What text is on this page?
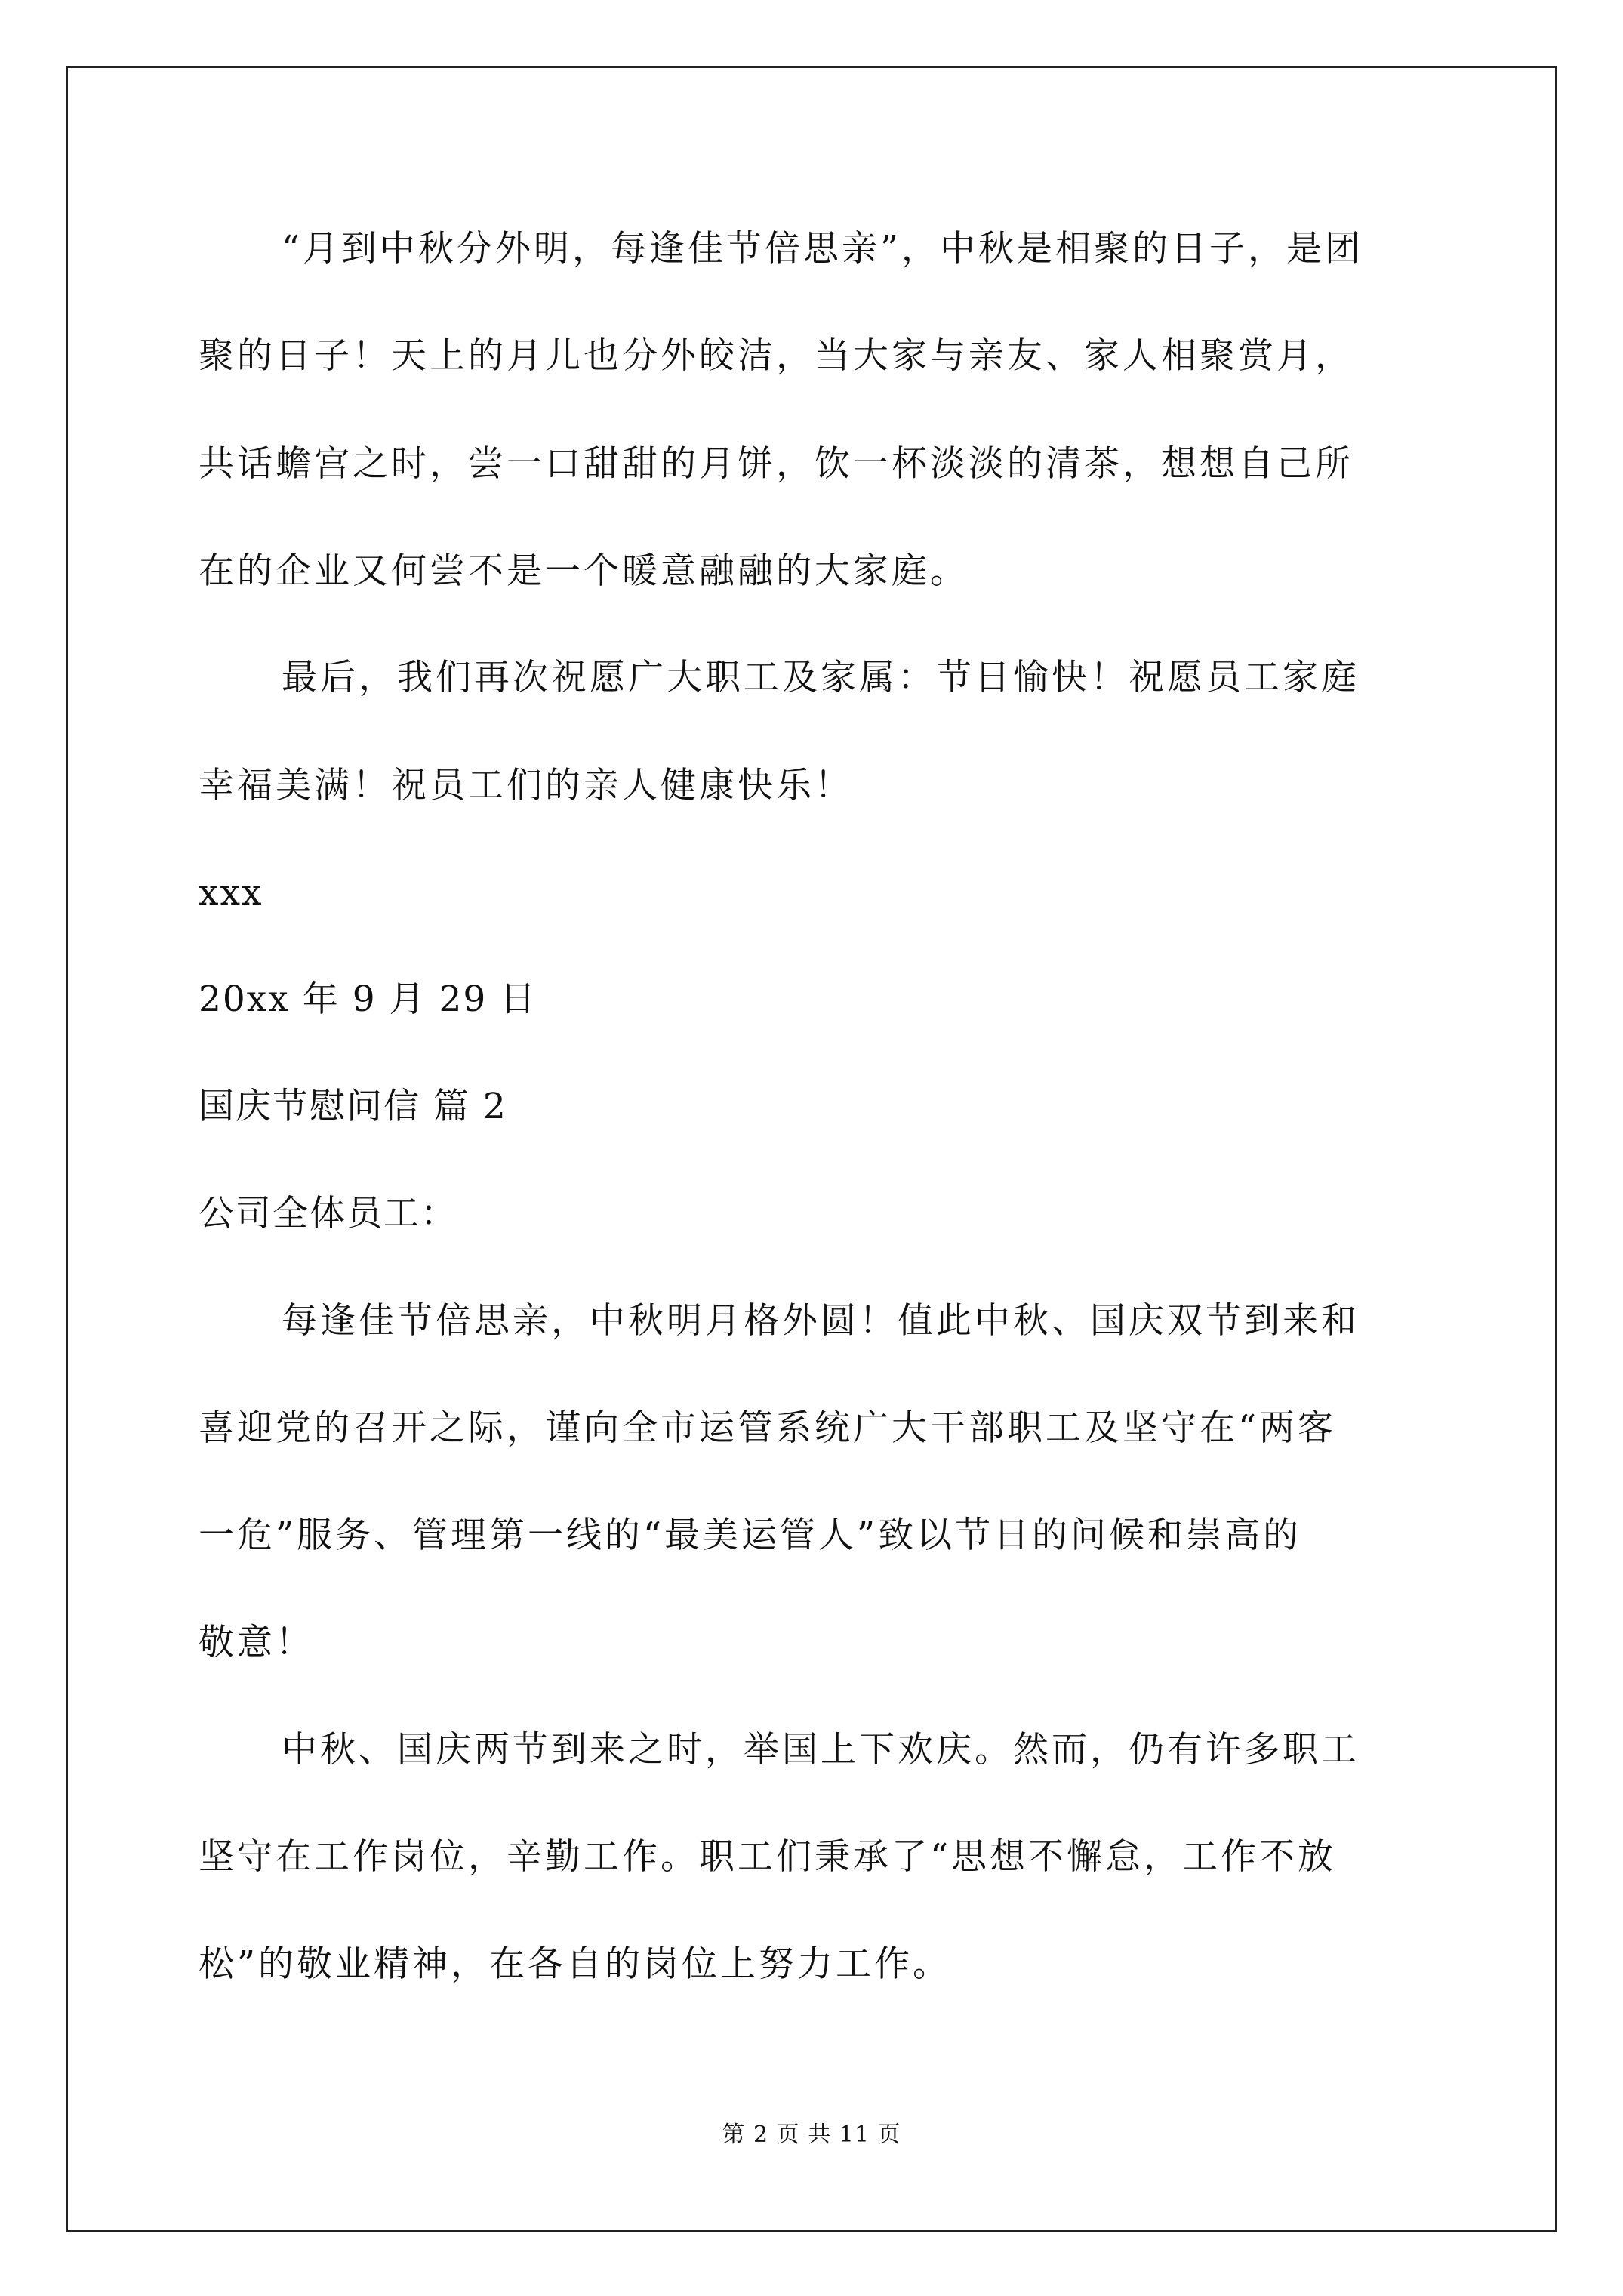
“月到中秋分外明，每逢佳节倍思亲”，中秋是相聚的日子，是团
聚的日子！天上的月儿也分外皎洁，当大家与亲友、家人相聚赏月，
共话蟾宫之时，尝一口甜甜的月饼，饮一杯淡淡的清茶，想想自己所
在的企业又何尝不是一个暖意融融的大家庭。
最后，我们再次祝愿广大职工及家属：节日愉快！祝愿员工家庭
幸福美满！祝员工们的亲人健康快乐！
xxx
20xx 年 9 月 29 日
国庆节慰问信 篇 2
公司全体员工：
每逢佳节倍思亲，中秋明月格外圆！值此中秋、国庆双节到来和
喜迎党的召开之际，谨向全市运管系统广大干部职工及坚守在“两客
一危”服务、管理第一线的“最美运管人”致以节日的问候和崇高的
敬意！
中秋、国庆两节到来之时，举国上下欢庆。然而，仍有许多职工
坚守在工作岗位，辛勤工作。职工们秉承了“思想不懈怠，工作不放
松”的敬业精神，在各自的岗位上努力工作。
第 2 页 共 11 页
